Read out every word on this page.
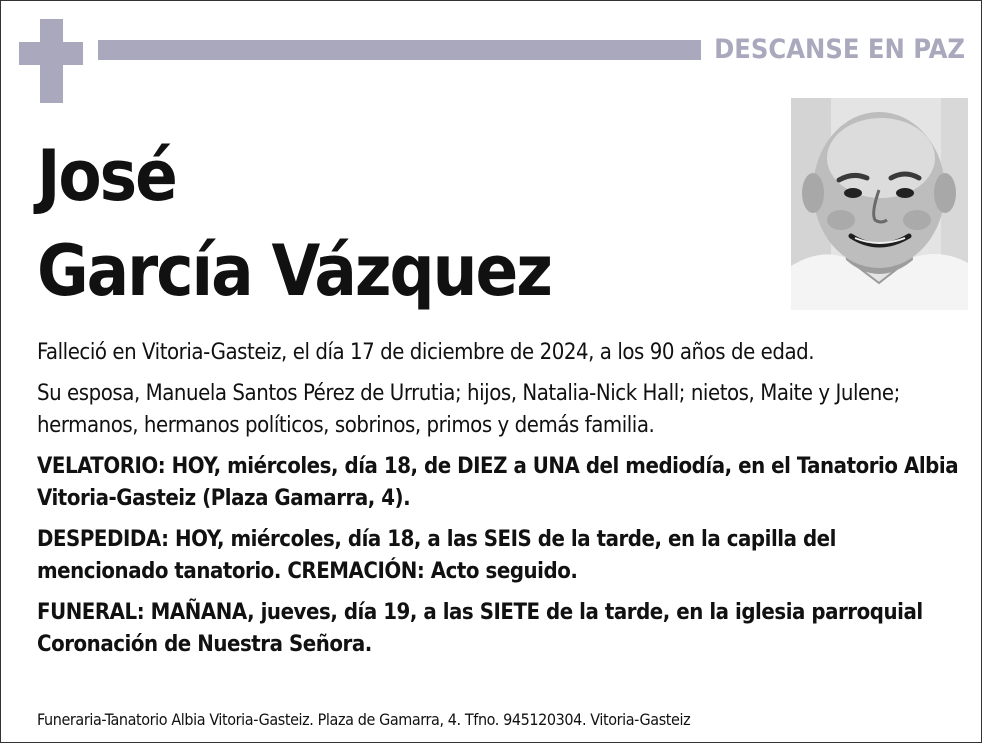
DESCANSE EN PAZ
José
García Vázquez

Falleció en Vitoria-Gasteiz, el día 17 de diciembre de 2024, a los 90 años de edad.

Su esposa, Manuela Santos Pérez de Urrutia; hijos, Natalia-Nick Hall; nietos, Maite y Julene; hermanos, hermanos políticos, sobrinos, primos y demás familia.

VELATORIO: HOY, miércoles, día 18, de DIEZ a UNA del mediodía, en el Tanatorio Albia Vitoria-Gasteiz (Plaza Gamarra, 4).

DESPEDIDA: HOY, miércoles, día 18, a las SEIS de la tarde, en la capilla del mencionado tanatorio. CREMACIÓN: Acto seguido.

FUNERAL: MAÑANA, jueves, día 19, a las SIETE de la tarde, en la iglesia parroquial Coronación de Nuestra Señora.

Funeraria-Tanatorio Albia Vitoria-Gasteiz. Plaza de Gamarra, 4. Tfno. 945120304. Vitoria-Gasteiz
